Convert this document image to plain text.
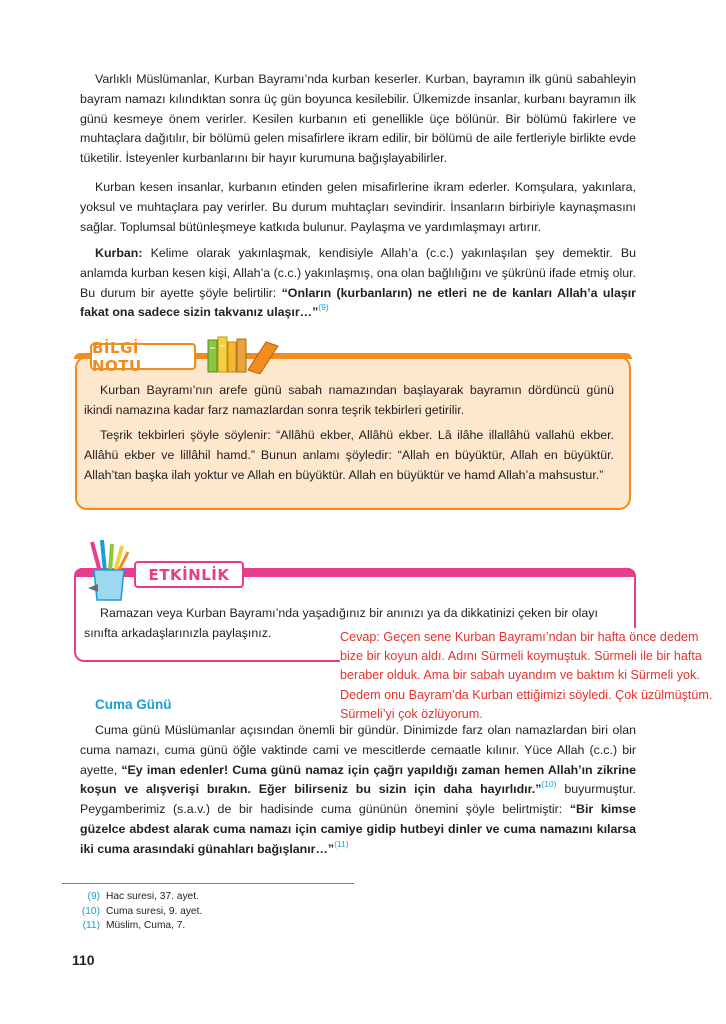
Varlıklı Müslümanlar, Kurban Bayramı’nda kurban keserler. Kurban, bayramın ilk günü sabahleyin bayram namazı kılındıktan sonra üç gün boyunca kesilebilir. Ülkemizde insanlar, kurbanı bayramın ilk günü kesmeye önem verirler. Kesilen kurbanın eti genellikle üçe bölünür. Bir bölümü fakirlere ve muhtaçlara dağıtılır, bir bölümü gelen misafirlere ikram edilir, bir bölümü de aile fertleriyle birlikte evde tüketilir. İsteyenler kurbanlarını bir hayır kurumuna bağışlayabilirler.

Kurban kesen insanlar, kurbanın etinden gelen misafirlerine ikram ederler. Komşulara, yakınlara, yoksul ve muhtaçlara pay verirler. Bu durum muhtaçları sevindirir. İnsanların birbiriyle kaynaşmasını sağlar. Toplumsal bütünleşmeye katkıda bulunur. Paylaşma ve yardımlaşmayı artırır.

Kurban: Kelime olarak yakınlaşmak, kendisiyle Allah’a (c.c.) yakınlaşılan şey demektir. Bu anlamda kurban kesen kişi, Allah’a (c.c.) yakınlaşmış, ona olan bağlılığını ve şükrünü ifade etmiş olur. Bu durum bir ayette şöyle belirtilir: “Onların (kurbanların) ne etleri ne de kanları Allah’a ulaşır fakat ona sadece sizin takvanız ulaşır…”$^{(9)}$

BİLGİ NOTU

Kurban Bayramı’nın arefe günü sabah namazından başlayarak bayramın dördüncü günü ikindi namazına kadar farz namazlardan sonra teşrik tekbirleri getirilir.

Teşrik tekbirleri şöyle söylenir: “Allâhü ekber, Allâhü ekber. Lâ ilâhe illallâhü vallahü ekber. Allâhü ekber ve lillâhil hamd.” Bunun anlamı şöyledir: “Allah en büyüktür, Allah en büyüktür. Allah’tan başka ilah yoktur ve Allah en büyüktür. Allah en büyüktür ve hamd Allah’a mahsustur.”

ETKİNLİK

Ramazan veya Kurban Bayramı’nda yaşadığınız bir anınızı ya da dikkatinizi çeken bir olayı sınıfta arkadaşlarınızla paylaşınız.	Cevap: Geçen sene Kurban Bayramı’ndan bir hafta önce dedem bize bir koyun aldı. Adını Sürmeli koymuştuk. Sürmeli ile bir hafta beraber olduk. Ama bir sabah uyandım ve baktım ki Sürmeli yok. Dedem onu Bayram’da Kurban ettiğimizi söyledi. Çok üzülmüştüm. Sürmeli’yi çok özlüyorum.

Cuma Günü

Cuma günü Müslümanlar açısından önemli bir gündür. Dinimizde farz olan namazlardan biri olan cuma namazı, cuma günü öğle vaktinde cami ve mescitlerde cemaatle kılınır. Yüce Allah (c.c.) bir ayette, “Ey iman edenler! Cuma günü namaz için çağrı yapıldığı zaman hemen Allah’ın zikrine koşun ve alışverişi bırakın. Eğer bilirseniz bu sizin için daha hayırlıdır.”$^{(10)}$ buyurmuştur. Peygamberimiz (s.a.v.) de bir hadisinde cuma gününün önemini şöyle belirtmiştir: “Bir kimse güzelce abdest alarak cuma namazı için camiye gidip hutbeyi dinler ve cuma namazını kılarsa iki cuma arasındaki günahları bağışlanır…”$^{(11)}$

(9) Hac suresi, 37. ayet.
(10) Cuma suresi, 9. ayet.
(11) Müslim, Cuma, 7.
110
